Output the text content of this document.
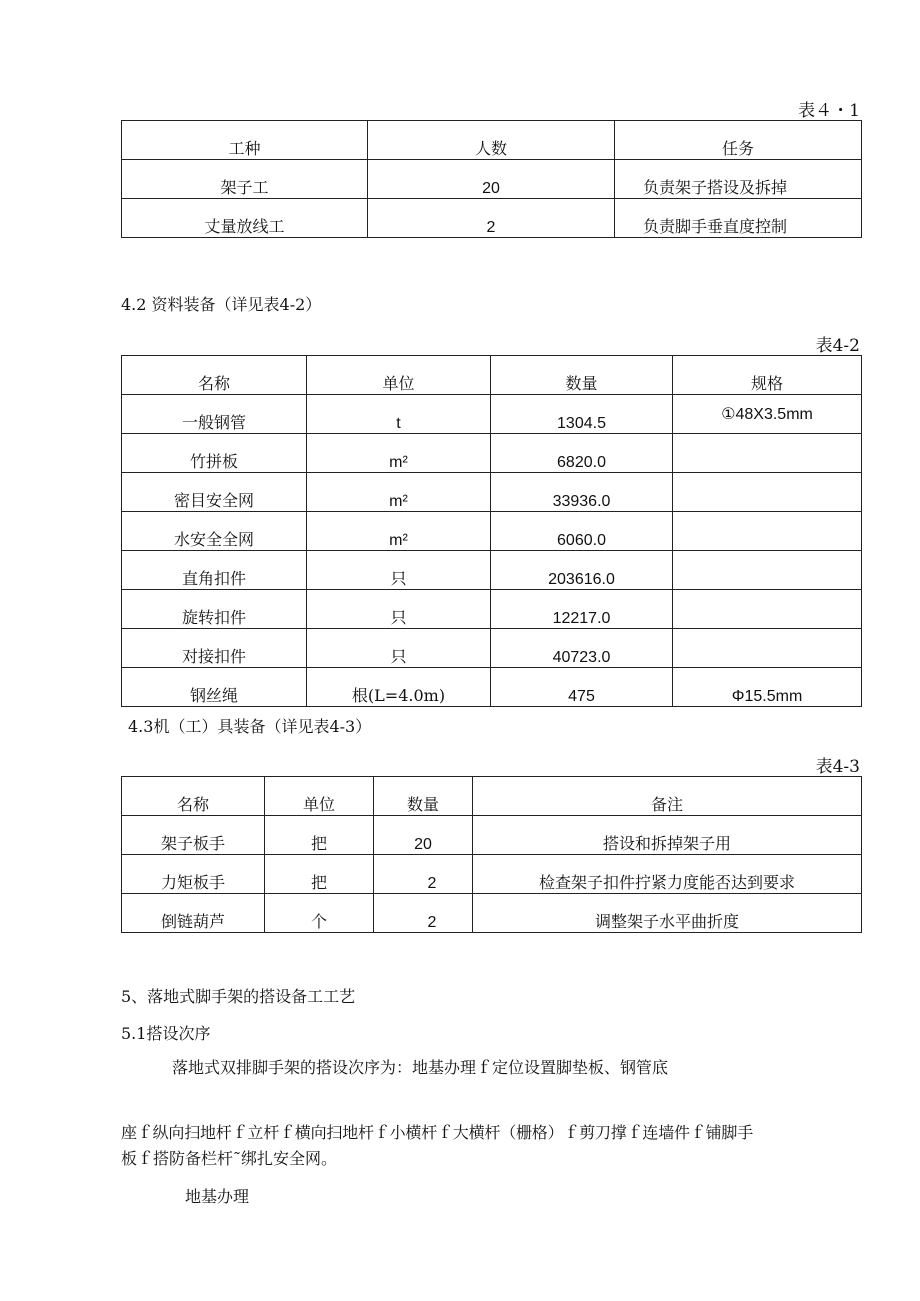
表４・1
工种	人数	任务
架子工	20	负责架子搭设及拆掉
丈量放线工	2	负责脚手垂直度控制
4.2 资料装备（详见表4-2）
表4-2
名称	单位	数量	规格
一般钢管	t	1304.5	①48X3.5mm
竹拼板	m²	6820.0	
密目安全网	m²	33936.0	
水安全全网	m²	6060.0	
直角扣件	只	203616.0	
旋转扣件	只	12217.0	
对接扣件	只	40723.0	
钢丝绳	根(L=4.0m)	475	Φ15.5mm
4.3机（工）具装备（详见表4-3）
表4-3
名称	单位	数量	备注
架子板手	把	20	搭设和拆掉架子用
力矩板手	把	2	检查架子扣件拧紧力度能否达到要求
倒链葫芦	个	2	调整架子水平曲折度
5、落地式脚手架的搭设备工工艺
5.1搭设次序
落地式双排脚手架的搭设次序为：地基办理ｆ定位设置脚垫板、钢管底
座ｆ纵向扫地杆ｆ立杆ｆ横向扫地杆ｆ小横杆ｆ大横杆（栅格）ｆ剪刀撑ｆ连墙件ｆ铺脚手
板ｆ搭防备栏杆˜绑扎安全网。
地基办理
